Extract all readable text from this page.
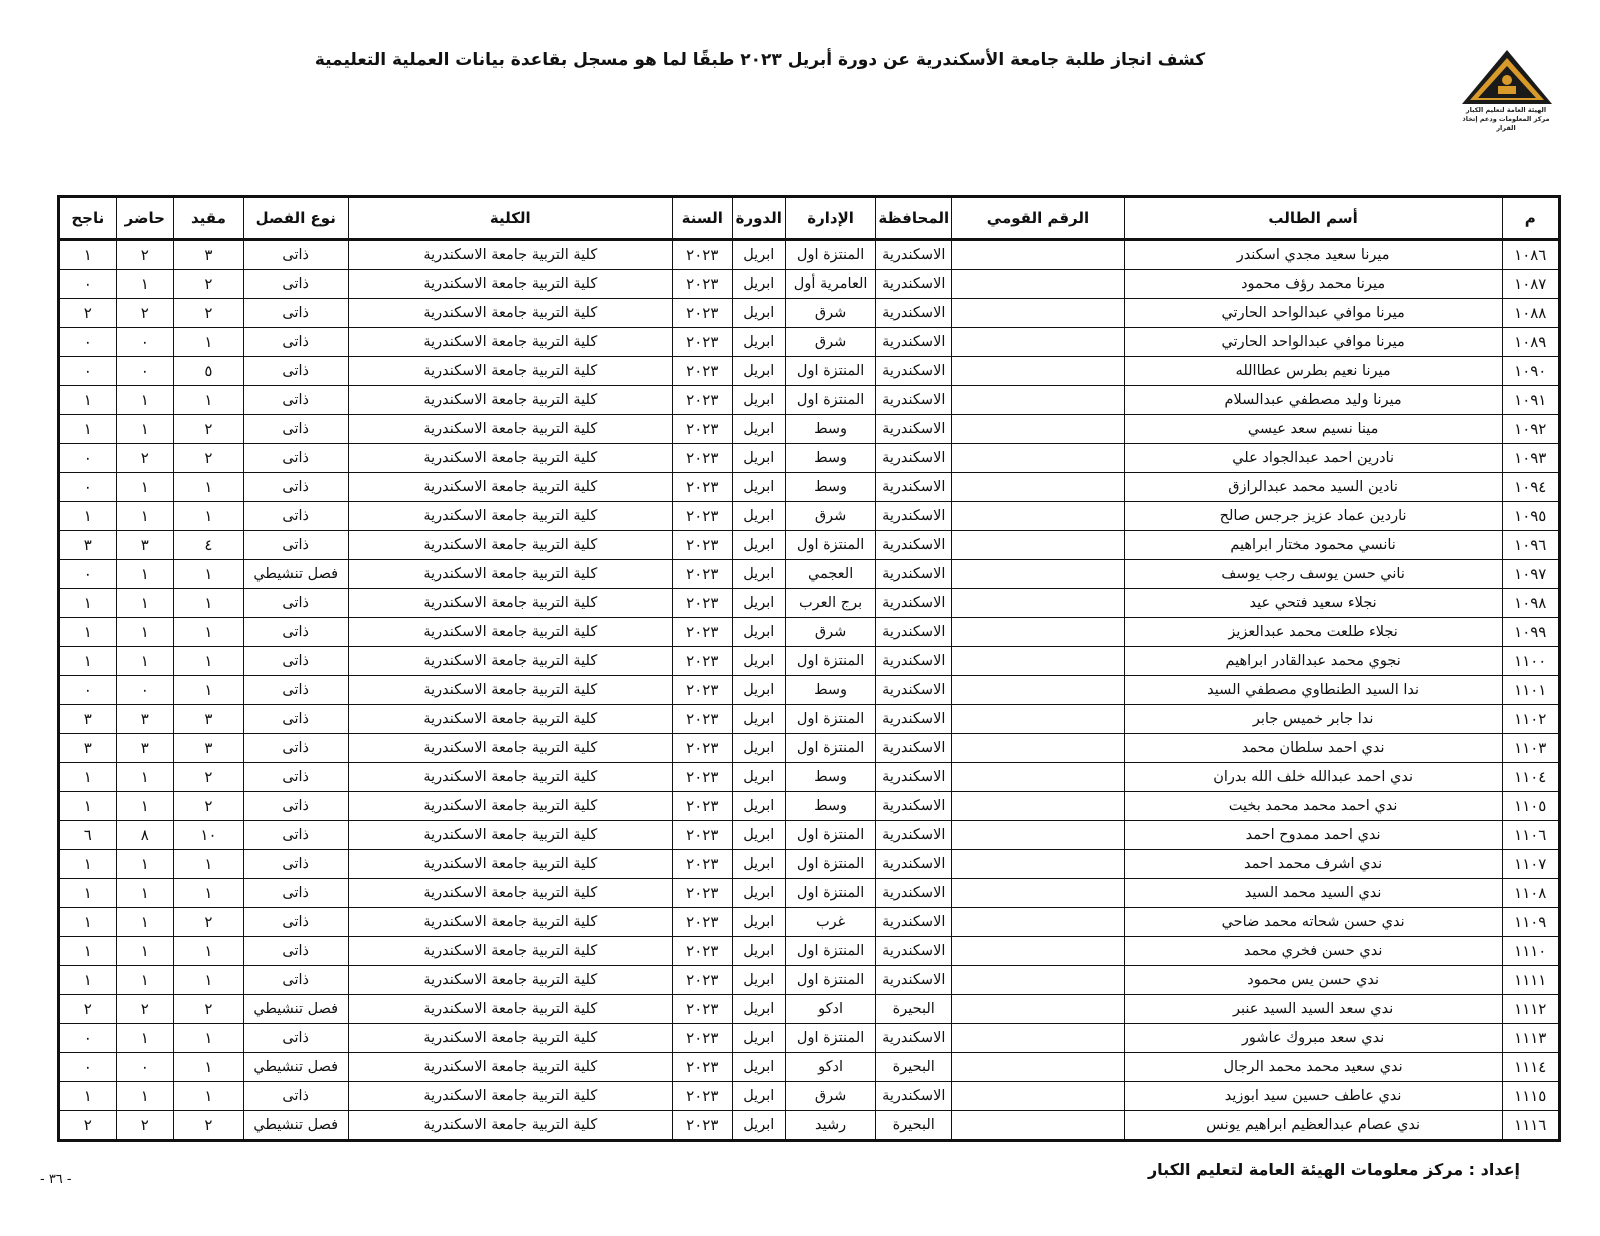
كشف انجاز طلبة جامعة الأسكندرية عن دورة أبريل ٢٠٢٣ طبقًا لما هو مسجل بقاعدة بيانات العملية التعليمية
الهيئة العامة لتعليم الكبار
مركز المعلومات ودعم إتخاذ القرار
م	أسم الطالب	الرقم القومي	المحافظة	الإدارة	الدورة	السنة	الكلية	نوع الفصل	مقيد	حاضر	ناجح
١٠٨٦	ميرنا سعيد مجدي اسكندر		الاسكندرية	المنتزة اول	ابريل	٢٠٢٣	كلية التربية جامعة الاسكندرية	ذاتى	٣	٢	١
١٠٨٧	ميرنا محمد رؤف محمود		الاسكندرية	العامرية أول	ابريل	٢٠٢٣	كلية التربية جامعة الاسكندرية	ذاتى	٢	١	٠
١٠٨٨	ميرنا موافي عبدالواحد الحارتي		الاسكندرية	شرق	ابريل	٢٠٢٣	كلية التربية جامعة الاسكندرية	ذاتى	٢	٢	٢
١٠٨٩	ميرنا موافي عبدالواحد الحارتي		الاسكندرية	شرق	ابريل	٢٠٢٣	كلية التربية جامعة الاسكندرية	ذاتى	١	٠	٠
١٠٩٠	ميرنا نعيم بطرس عطاالله		الاسكندرية	المنتزة اول	ابريل	٢٠٢٣	كلية التربية جامعة الاسكندرية	ذاتى	٥	٠	٠
١٠٩١	ميرنا وليد مصطفي عبدالسلام		الاسكندرية	المنتزة اول	ابريل	٢٠٢٣	كلية التربية جامعة الاسكندرية	ذاتى	١	١	١
١٠٩٢	مينا نسيم سعد عيسي		الاسكندرية	وسط	ابريل	٢٠٢٣	كلية التربية جامعة الاسكندرية	ذاتى	٢	١	١
١٠٩٣	نادرين احمد عبدالجواد علي		الاسكندرية	وسط	ابريل	٢٠٢٣	كلية التربية جامعة الاسكندرية	ذاتى	٢	٢	٠
١٠٩٤	نادين السيد محمد عبدالرازق		الاسكندرية	وسط	ابريل	٢٠٢٣	كلية التربية جامعة الاسكندرية	ذاتى	١	١	٠
١٠٩٥	ناردين عماد عزيز جرجس صالح		الاسكندرية	شرق	ابريل	٢٠٢٣	كلية التربية جامعة الاسكندرية	ذاتى	١	١	١
١٠٩٦	نانسي محمود مختار ابراهيم		الاسكندرية	المنتزة اول	ابريل	٢٠٢٣	كلية التربية جامعة الاسكندرية	ذاتى	٤	٣	٣
١٠٩٧	ناني حسن يوسف رجب يوسف		الاسكندرية	العجمي	ابريل	٢٠٢٣	كلية التربية جامعة الاسكندرية	فصل تنشيطي	١	١	٠
١٠٩٨	نجلاء سعيد فتحي عيد		الاسكندرية	برج العرب	ابريل	٢٠٢٣	كلية التربية جامعة الاسكندرية	ذاتى	١	١	١
١٠٩٩	نجلاء طلعت محمد عبدالعزيز		الاسكندرية	شرق	ابريل	٢٠٢٣	كلية التربية جامعة الاسكندرية	ذاتى	١	١	١
١١٠٠	نجوي محمد عبدالقادر ابراهيم		الاسكندرية	المنتزة اول	ابريل	٢٠٢٣	كلية التربية جامعة الاسكندرية	ذاتى	١	١	١
١١٠١	ندا السيد الطنطاوي مصطفي السيد		الاسكندرية	وسط	ابريل	٢٠٢٣	كلية التربية جامعة الاسكندرية	ذاتى	١	٠	٠
١١٠٢	ندا جابر خميس جابر		الاسكندرية	المنتزة اول	ابريل	٢٠٢٣	كلية التربية جامعة الاسكندرية	ذاتى	٣	٣	٣
١١٠٣	ندي احمد سلطان محمد		الاسكندرية	المنتزة اول	ابريل	٢٠٢٣	كلية التربية جامعة الاسكندرية	ذاتى	٣	٣	٣
١١٠٤	ندي احمد عبدالله خلف الله بدران		الاسكندرية	وسط	ابريل	٢٠٢٣	كلية التربية جامعة الاسكندرية	ذاتى	٢	١	١
١١٠٥	ندي احمد محمد محمد بخيت		الاسكندرية	وسط	ابريل	٢٠٢٣	كلية التربية جامعة الاسكندرية	ذاتى	٢	١	١
١١٠٦	ندي احمد ممدوح احمد		الاسكندرية	المنتزة اول	ابريل	٢٠٢٣	كلية التربية جامعة الاسكندرية	ذاتى	١٠	٨	٦
١١٠٧	ندي اشرف محمد احمد		الاسكندرية	المنتزة اول	ابريل	٢٠٢٣	كلية التربية جامعة الاسكندرية	ذاتى	١	١	١
١١٠٨	ندي السيد محمد السيد		الاسكندرية	المنتزة اول	ابريل	٢٠٢٣	كلية التربية جامعة الاسكندرية	ذاتى	١	١	١
١١٠٩	ندي حسن شحاته محمد ضاحي		الاسكندرية	غرب	ابريل	٢٠٢٣	كلية التربية جامعة الاسكندرية	ذاتى	٢	١	١
١١١٠	ندي حسن فخري محمد		الاسكندرية	المنتزة اول	ابريل	٢٠٢٣	كلية التربية جامعة الاسكندرية	ذاتى	١	١	١
١١١١	ندي حسن يس محمود		الاسكندرية	المنتزة اول	ابريل	٢٠٢٣	كلية التربية جامعة الاسكندرية	ذاتى	١	١	١
١١١٢	ندي سعد السيد السيد عنبر		البحيرة	ادكو	ابريل	٢٠٢٣	كلية التربية جامعة الاسكندرية	فصل تنشيطي	٢	٢	٢
١١١٣	ندي سعد مبروك عاشور		الاسكندرية	المنتزة اول	ابريل	٢٠٢٣	كلية التربية جامعة الاسكندرية	ذاتى	١	١	٠
١١١٤	ندي سعيد محمد محمد الرجال		البحيرة	ادكو	ابريل	٢٠٢٣	كلية التربية جامعة الاسكندرية	فصل تنشيطي	١	٠	٠
١١١٥	ندي عاطف حسين سيد ابوزيد		الاسكندرية	شرق	ابريل	٢٠٢٣	كلية التربية جامعة الاسكندرية	ذاتى	١	١	١
١١١٦	ندي عصام عبدالعظيم ابراهيم يونس		البحيرة	رشيد	ابريل	٢٠٢٣	كلية التربية جامعة الاسكندرية	فصل تنشيطي	٢	٢	٢
إعداد : مركز معلومات الهيئة العامة لتعليم الكبار
- ٣٦ -
